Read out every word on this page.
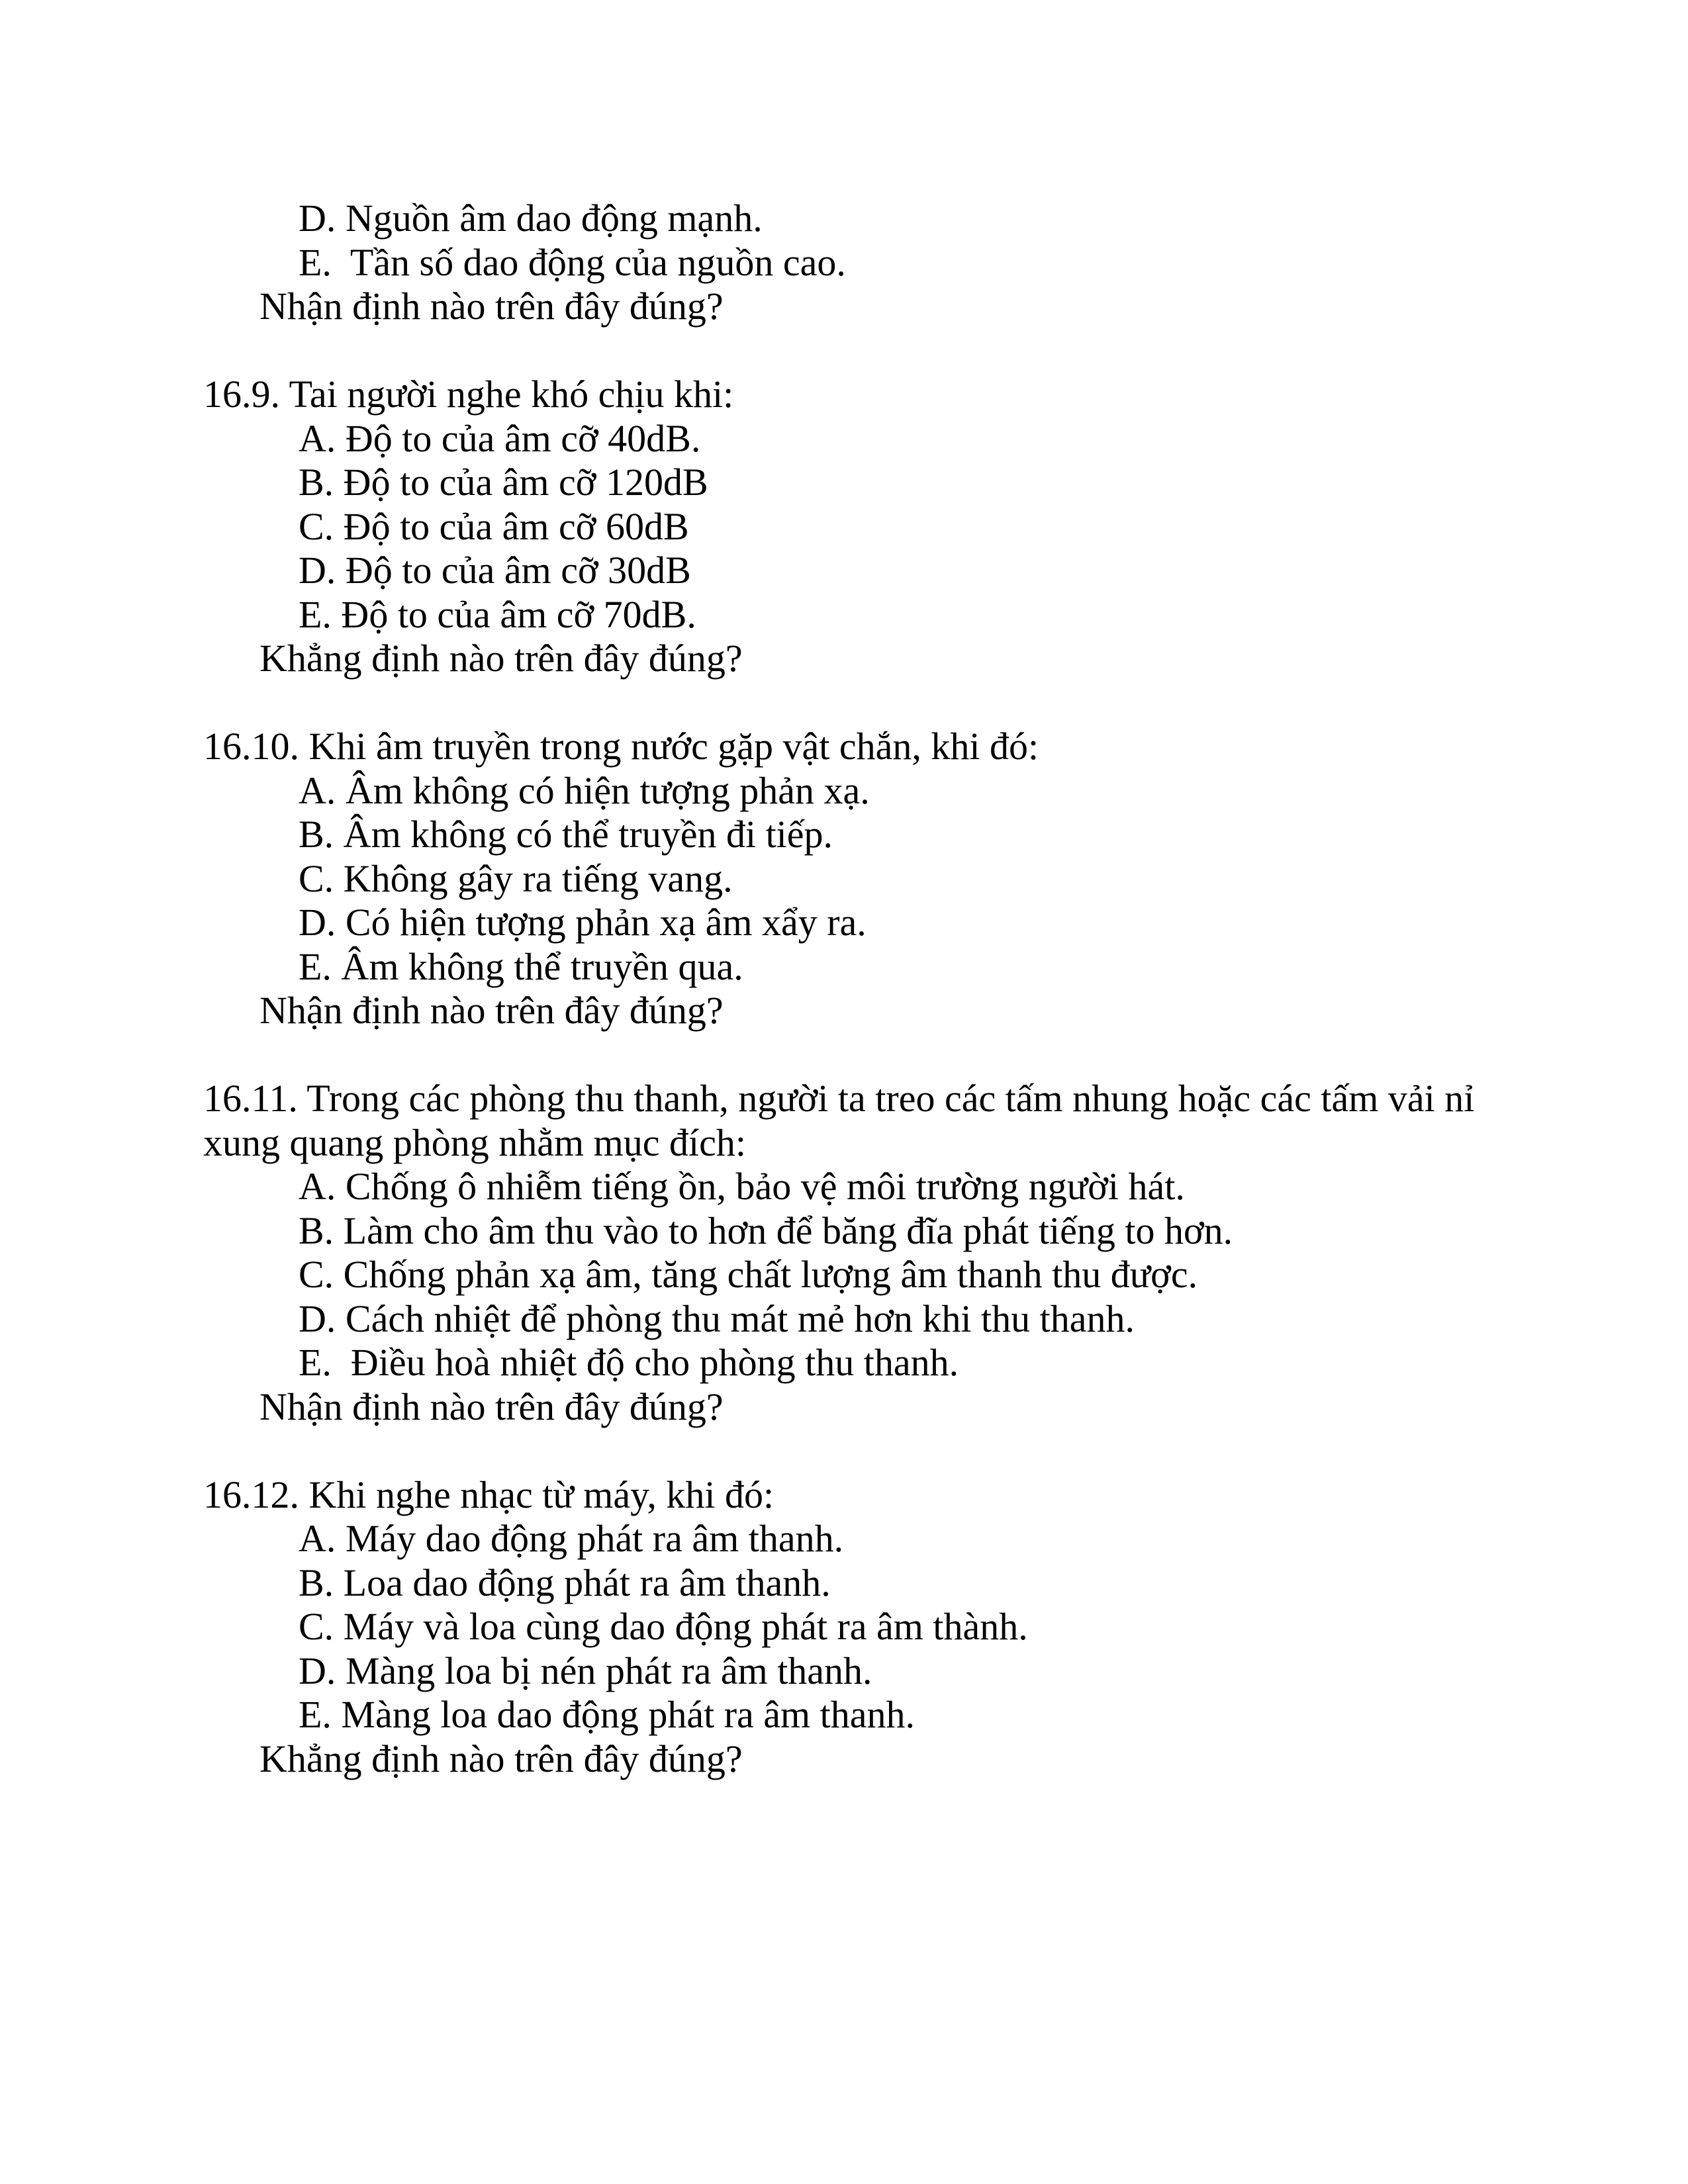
D. Nguồn âm dao động mạnh.
E.  Tần số dao động của nguồn cao.
Nhận định nào trên đây đúng?
16.9. Tai người nghe khó chịu khi:
A. Độ to của âm cỡ 40dB.
B. Độ to của âm cỡ 120dB
C. Độ to của âm cỡ 60dB
D. Độ to của âm cỡ 30dB
E. Độ to của âm cỡ 70dB.
Khẳng định nào trên đây đúng?
16.10. Khi âm truyền trong nước gặp vật chắn, khi đó:
A. Âm không có hiện tượng phản xạ.
B. Âm không có thể truyền đi tiếp.
C. Không gây ra tiếng vang.
D. Có hiện tượng phản xạ âm xẩy ra.
E. Âm không thể truyền qua.
Nhận định nào trên đây đúng?
16.11. Trong các phòng thu thanh, người ta treo các tấm nhung hoặc các tấm vải nỉ
xung quang phòng nhằm mục đích:
A. Chống ô nhiễm tiếng ồn, bảo vệ môi trường người hát.
B. Làm cho âm thu vào to hơn để băng đĩa phát tiếng to hơn.
C. Chống phản xạ âm, tăng chất lượng âm thanh thu được.
D. Cách nhiệt để phòng thu mát mẻ hơn khi thu thanh.
E.  Điều hoà nhiệt độ cho phòng thu thanh.
Nhận định nào trên đây đúng?
16.12. Khi nghe nhạc từ máy, khi đó:
A. Máy dao động phát ra âm thanh.
B. Loa dao động phát ra âm thanh.
C. Máy và loa cùng dao động phát ra âm thành.
D. Màng loa bị nén phát ra âm thanh.
E. Màng loa dao động phát ra âm thanh.
Khẳng định nào trên đây đúng?
